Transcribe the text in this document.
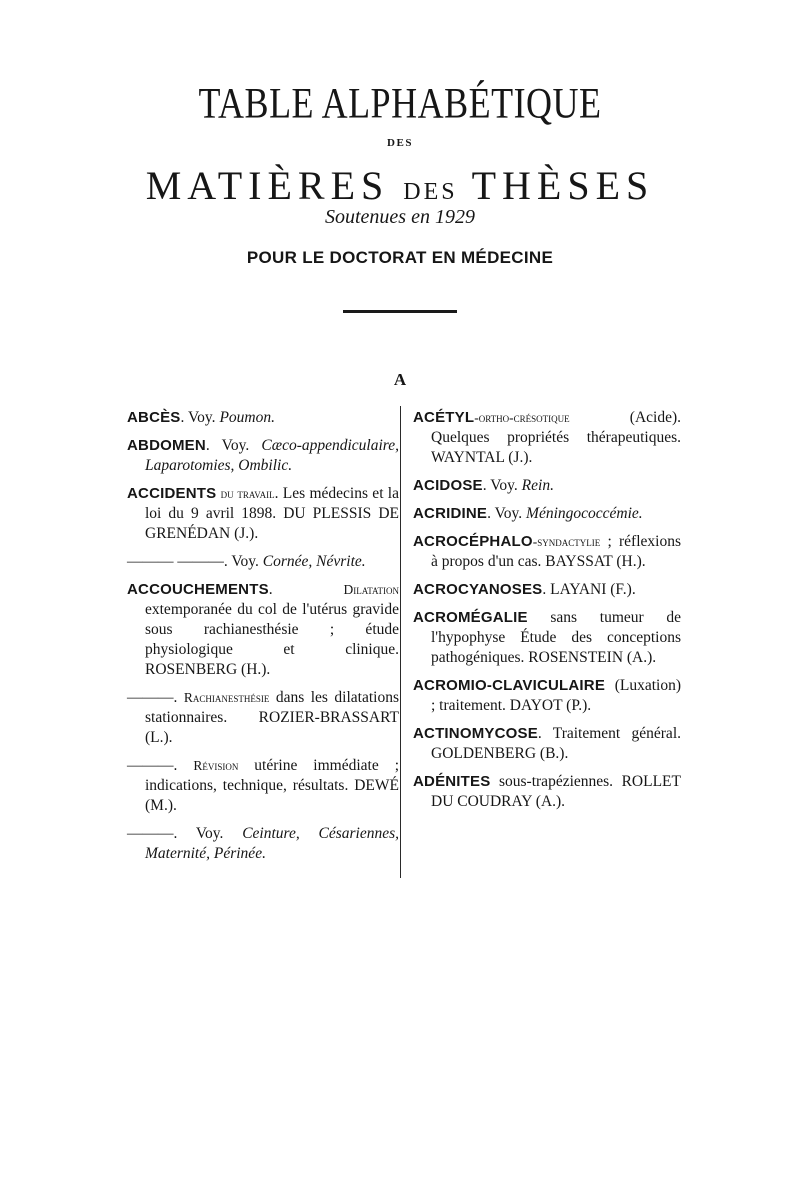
TABLE ALPHABÉTIQUE
DES
MATIÈRES DES THÈSES
Soutenues en 1929
POUR LE DOCTORAT EN MÉDECINE
A

ABCÈS. Voy. Poumon.

ABDOMEN. Voy. Cæco-appendiculaire, Laparotomies, Ombilic.

ACCIDENTS du travail. Les médecins et la loi du 9 avril 1898. DU PLESSIS DE GRENÉDAN (J.).

——— ———. Voy. Cornée, Névrite.

ACCOUCHEMENTS. Dilatation extemporanée du col de l'utérus gravide sous rachianesthésie ; étude physiologique et clinique. ROSENBERG (H.).

———. Rachianesthésie dans les dilatations stationnaires. ROZIER-BRASSART (L.).

———. Révision utérine immédiate ; indications, technique, résultats. DEWÉ (M.).

———. Voy. Ceinture, Césariennes, Maternité, Périnée.

ACÉTYL-ortho-crésotique (Acide). Quelques propriétés thérapeutiques. WAYNTAL (J.).

ACIDOSE. Voy. Rein.

ACRIDINE. Voy. Méningococcémie.

ACROCÉPHALO-syndactylie ; réflexions à propos d'un cas. BAYSSAT (H.).

ACROCYANOSES. LAYANI (F.).

ACROMÉGALIE sans tumeur de l'hypophyse Étude des conceptions pathogéniques. ROSENSTEIN (A.).

ACROMIO-CLAVICULAIRE (Luxation) ; traitement. DAYOT (P.).

ACTINOMYCOSE. Traitement général. GOLDENBERG (B.).

ADÉNITES sous-trapéziennes. ROLLET DU COUDRAY (A.).
